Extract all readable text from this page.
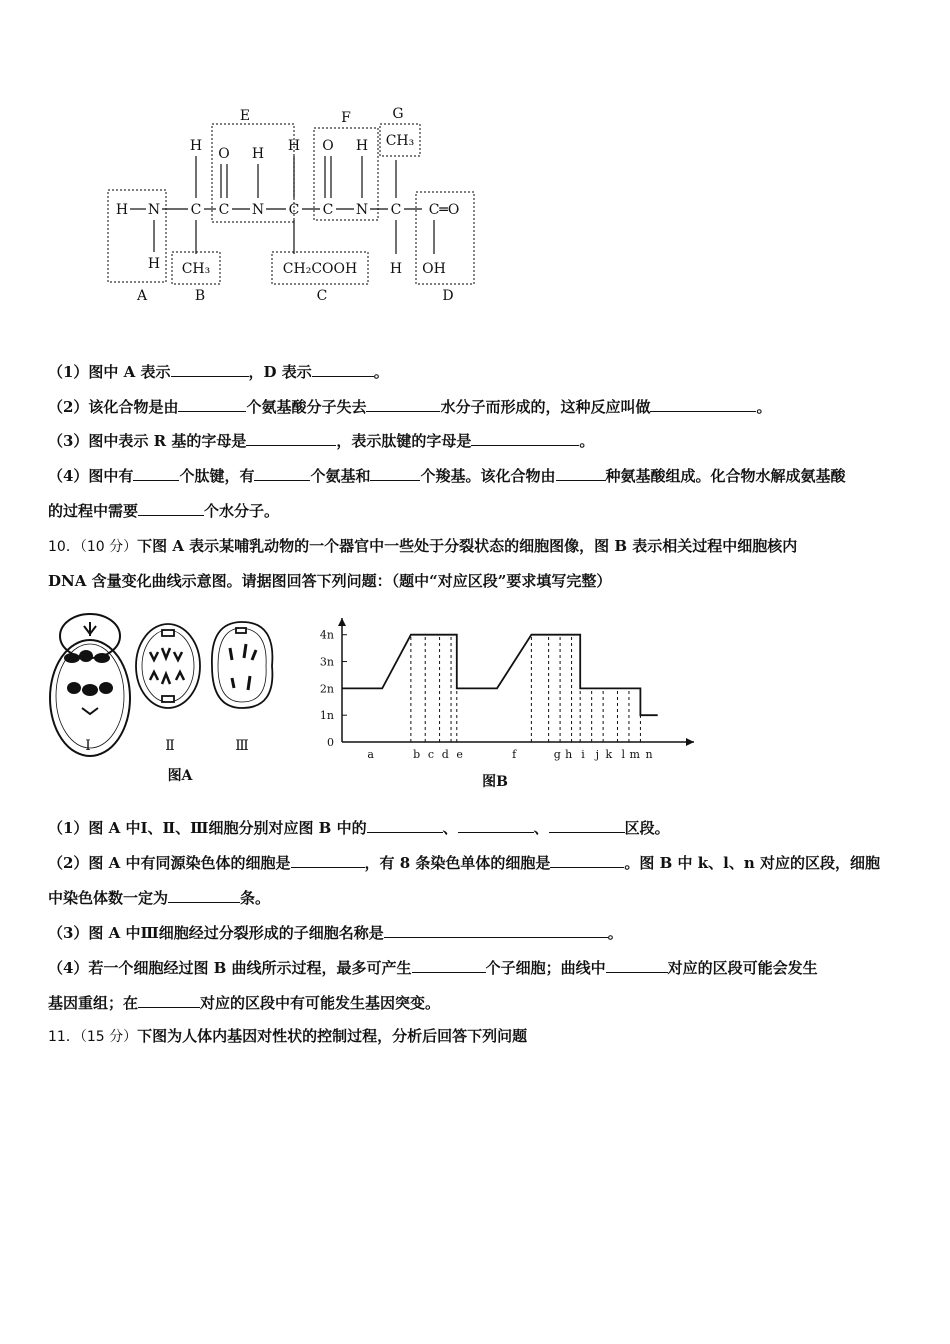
A	B	C	D
E	F	G
H N
H
H
C
CH₃
O
C
H
N
H
C
CH₂COOH
O
C
H
N
CH₃
C
H
C═O
OH
（1）图中 A 表示	，D 表示	。
（2）该化合物是由	个氨基酸分子失去	水分子而形成的，这种反应叫做	。
（3）图中表示 R 基的字母是	，表示肽键的字母是	。
（4）图中有	个肽键，有	个氨基和	个羧基。该化合物由	种氨基酸组成。化合物水解成氨基酸
的过程中需要	个水分子。
10．（10 分）下图 A 表示某哺乳动物的一个器官中一些处于分裂状态的细胞图像，图 B 表示相关过程中细胞核内
DNA 含量变化曲线示意图。请据图回答下列问题：（题中“对应区段”要求填写完整）
Ⅰ	Ⅱ	Ⅲ
图A
0
1n
2n
3n
4n
a	b c d e	f	g h i j k l m n
图B
（1）图 A 中Ⅰ、Ⅱ、Ⅲ细胞分别对应图 B 中的	、	、	区段。
（2）图 A 中有同源染色体的细胞是	，有 8 条染色单体的细胞是	。图 B 中 k、l、n 对应的区段，细胞
中染色体数一定为	条。
（3）图 A 中Ⅲ细胞经过分裂形成的子细胞名称是	。
（4）若一个细胞经过图 B 曲线所示过程，最多可产生	个子细胞；曲线中	对应的区段可能会发生
基因重组；在	对应的区段中有可能发生基因突变。
11．（15 分）下图为人体内基因对性状的控制过程，分析后回答下列问题
